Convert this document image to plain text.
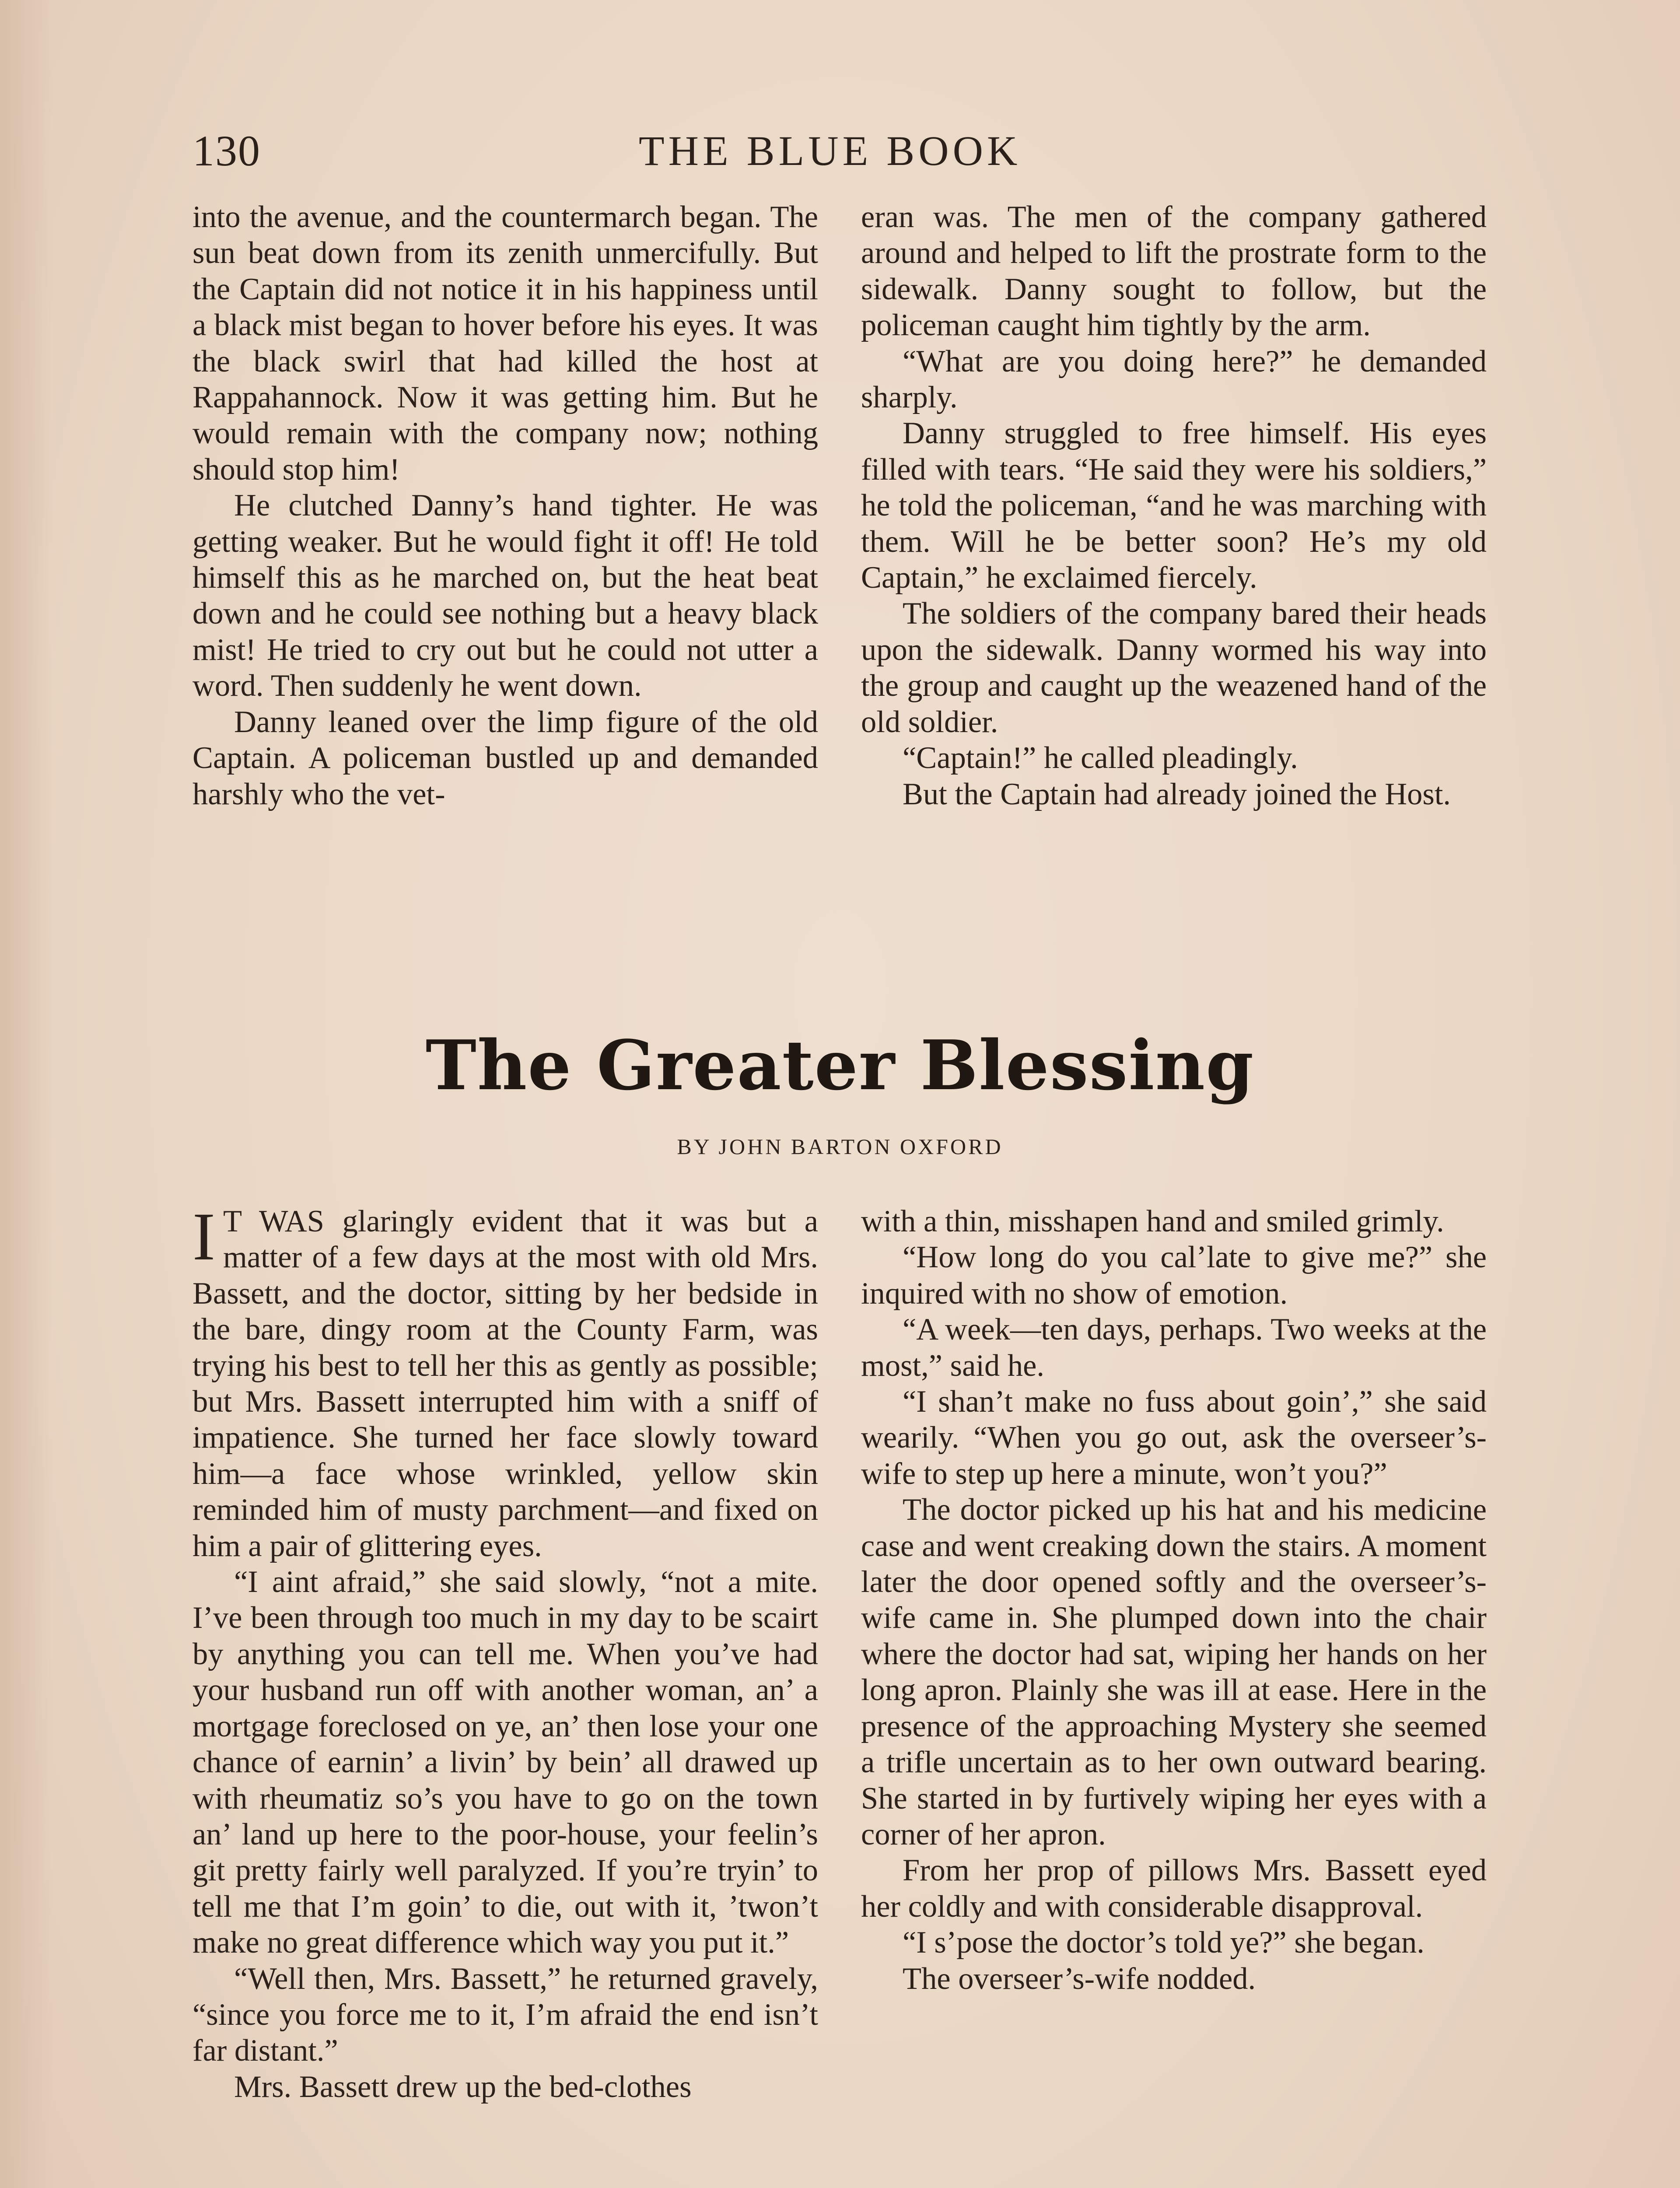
130	THE BLUE BOOK

into the avenue, and the countermarch began. The sun beat down from its zenith unmercifully. But the Captain did not notice it in his happiness until a black mist began to hover before his eyes. It was the black swirl that had killed the host at Rappahannock. Now it was getting him. But he would remain with the company now; nothing should stop him!

He clutched Danny’s hand tighter. He was getting weaker. But he would fight it off! He told himself this as he marched on, but the heat beat down and he could see nothing but a heavy black mist! He tried to cry out but he could not utter a word. Then suddenly he went down.

Danny leaned over the limp figure of the old Captain. A policeman bustled up and demanded harshly who the vet-

eran was. The men of the company gathered around and helped to lift the prostrate form to the sidewalk. Danny sought to follow, but the policeman caught him tightly by the arm.

“What are you doing here?” he demanded sharply.

Danny struggled to free himself. His eyes filled with tears. “He said they were his soldiers,” he told the policeman, “and he was marching with them. Will he be better soon? He’s my old Captain,” he exclaimed fiercely.

The soldiers of the company bared their heads upon the sidewalk. Danny wormed his way into the group and caught up the weazened hand of the old soldier.

“Captain!” he called pleadingly.

But the Captain had already joined the Host.

The Greater Blessing
BY JOHN BARTON OXFORD

I T WAS glaringly evident that it was but a matter of a few days at the most with old Mrs. Bassett, and the doctor, sitting by her bedside in the bare, dingy room at the County Farm, was trying his best to tell her this as gently as possible; but Mrs. Bassett interrupted him with a sniff of impatience. She turned her face slowly toward him—a face whose wrinkled, yellow skin reminded him of musty parchment—and fixed on him a pair of glittering eyes.

“I aint afraid,” she said slowly, “not a mite. I’ve been through too much in my day to be scairt by anything you can tell me. When you’ve had your husband run off with another woman, an’ a mortgage foreclosed on ye, an’ then lose your one chance of earnin’ a livin’ by bein’ all drawed up with rheumatiz so’s you have to go on the town an’ land up here to the poor-house, your feelin’s git pretty fairly well paralyzed. If you’re tryin’ to tell me that I’m goin’ to die, out with it, ’twon’t make no great difference which way you put it.”

“Well then, Mrs. Bassett,” he returned gravely, “since you force me to it, I’m afraid the end isn’t far distant.”

Mrs. Bassett drew up the bed-clothes

with a thin, misshapen hand and smiled grimly.

“How long do you cal’late to give me?” she inquired with no show of emotion.

“A week—ten days, perhaps. Two weeks at the most,” said he.

“I shan’t make no fuss about goin’,” she said wearily. “When you go out, ask the overseer’s-wife to step up here a minute, won’t you?”

The doctor picked up his hat and his medicine case and went creaking down the stairs. A moment later the door opened softly and the overseer’s-wife came in. She plumped down into the chair where the doctor had sat, wiping her hands on her long apron. Plainly she was ill at ease. Here in the presence of the approaching Mystery she seemed a trifle uncertain as to her own outward bearing. She started in by furtively wiping her eyes with a corner of her apron.

From her prop of pillows Mrs. Bassett eyed her coldly and with considerable disapproval.

“I s’pose the doctor’s told ye?” she began.

The overseer’s-wife nodded.
